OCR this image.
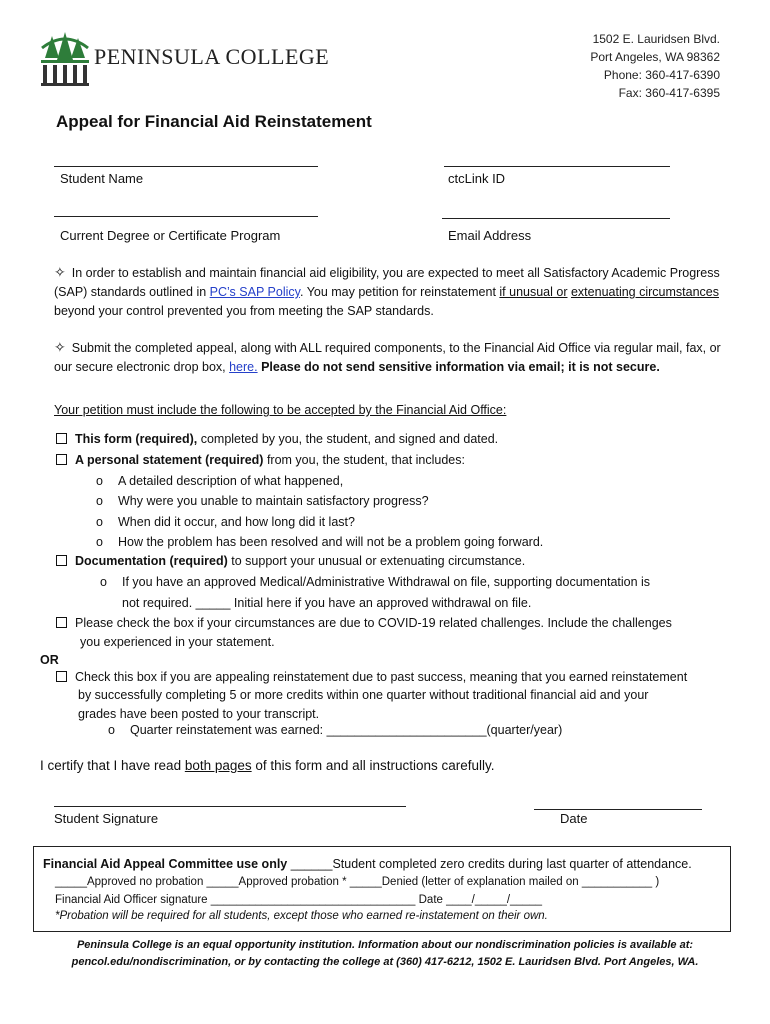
PENINSULA COLLEGE
1502 E. Lauridsen Blvd.
Port Angeles, WA 98362
Phone: 360-417-6390
Fax: 360-417-6395
Appeal for Financial Aid Reinstatement
Student Name	ctcLink ID
Current Degree or Certificate Program	Email Address
✧ In order to establish and maintain financial aid eligibility, you are expected to meet all Satisfactory Academic Progress (SAP) standards outlined in PC’s SAP Policy. You may petition for reinstatement if unusual or extenuating circumstances beyond your control prevented you from meeting the SAP standards.
✧ Submit the completed appeal, along with ALL required components, to the Financial Aid Office via regular mail, fax, or our secure electronic drop box, here. Please do not send sensitive information via email; it is not secure.
Your petition must include the following to be accepted by the Financial Aid Office:
This form (required), completed by you, the student, and signed and dated.
A personal statement (required) from you, the student, that includes:
o A detailed description of what happened,
o Why were you unable to maintain satisfactory progress?
o When did it occur, and how long did it last?
o How the problem has been resolved and will not be a problem going forward.
Documentation (required) to support your unusual or extenuating circumstance.
o If you have an approved Medical/Administrative Withdrawal on file, supporting documentation is
not required. _____ Initial here if you have an approved withdrawal on file.
Please check the box if your circumstances are due to COVID-19 related challenges. Include the challenges
you experienced in your statement.
OR
Check this box if you are appealing reinstatement due to past success, meaning that you earned reinstatement
by successfully completing 5 or more credits within one quarter without traditional financial aid and your
grades have been posted to your transcript.
o Quarter reinstatement was earned: _______________________(quarter/year)
I certify that I have read both pages of this form and all instructions carefully.
Student Signature	Date
Financial Aid Appeal Committee use only ______Student completed zero credits during last quarter of attendance.
_____Approved no probation _____Approved probation * _____Denied (letter of explanation mailed on ___________ )
Financial Aid Officer signature ________________________________ Date ____/_____/_____
*Probation will be required for all students, except those who earned re-instatement on their own.
Peninsula College is an equal opportunity institution. Information about our nondiscrimination policies is available at:
pencol.edu/nondiscrimination, or by contacting the college at (360) 417-6212, 1502 E. Lauridsen Blvd. Port Angeles, WA.
